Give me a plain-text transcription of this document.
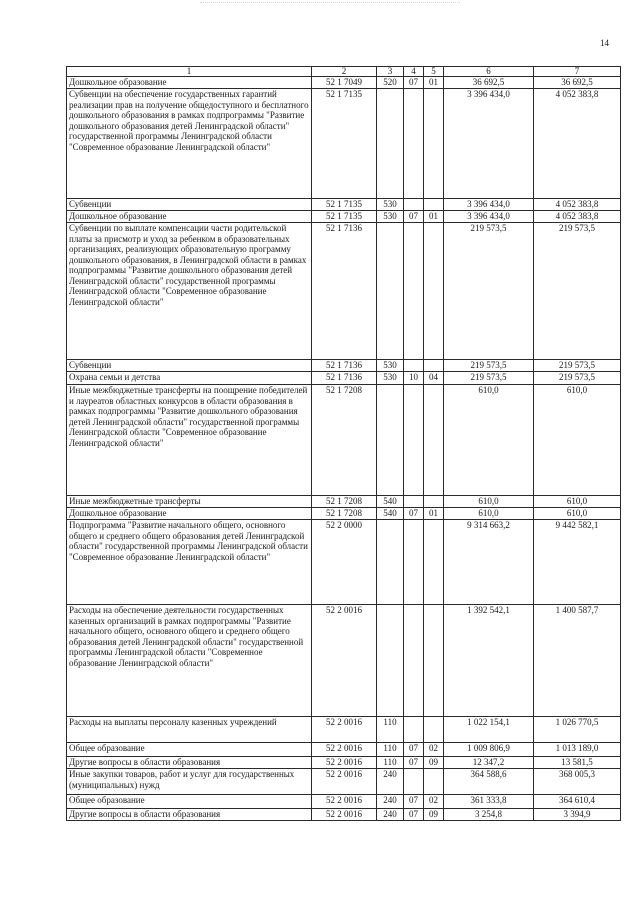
14
1	2	3	4	5	6	7
Дошкольное образование	52 1 7049	520	07	01	36 692,5	36 692,5
Субвенции на обеспечение государственных гарантий реализации прав на получение общедоступного и бесплатного дошкольного образования в рамках подпрограммы "Развитие дошкольного образования детей Ленинградской области" государственной программы Ленинградской области "Современное образование Ленинградской области"	52 1 7135				3 396 434,0	4 052 383,8
Субвенции	52 1 7135	530			3 396 434,0	4 052 383,8
Дошкольное образование	52 1 7135	530	07	01	3 396 434,0	4 052 383,8
Субвенции по выплате компенсации части родительской платы за присмотр и уход за ребенком в образовательных организациях, реализующих образовательную программу дошкольного образования, в Ленинградской области в рамках подпрограммы "Развитие дошкольного образования детей Ленинградской области" государственной программы Ленинградской области "Современное образование Ленинградской области"	52 1 7136				219 573,5	219 573,5
Субвенции	52 1 7136	530			219 573,5	219 573,5
Охрана семьи и детства	52 1 7136	530	10	04	219 573,5	219 573,5
Иные межбюджетные трансферты на поощрение победителей и лауреатов областных конкурсов в области образования в рамках подпрограммы "Развитие дошкольного образования детей Ленинградской области" государственной программы Ленинградской области "Современное образование Ленинградской области"	52 1 7208				610,0	610,0
Иные межбюджетные трансферты	52 1 7208	540			610,0	610,0
Дошкольное образование	52 1 7208	540	07	01	610,0	610,0
Подпрограмма "Развитие начального общего, основного общего и среднего общего образования детей Ленинградской области" государственной программы Ленинградской области "Современное образование Ленинградской области"	52 2 0000				9 314 663,2	9 442 582,1
Расходы на обеспечение деятельности государственных казенных организаций в рамках подпрограммы "Развитие начального общего, основного общего и среднего общего образования детей Ленинградской области" государственной программы Ленинградской области "Современное образование Ленинградской области"	52 2 0016				1 392 542,1	1 400 587,7
Расходы на выплаты персоналу казенных учреждений	52 2 0016	110			1 022 154,1	1 026 770,5
Общее образование	52 2 0016	110	07	02	1 009 806,9	1 013 189,0
Другие вопросы в области образования	52 2 0016	110	07	09	12 347,2	13 581,5
Иные закупки товаров, работ и услуг для государственных (муниципальных) нужд	52 2 0016	240			364 588,6	368 005,3
Общее образование	52 2 0016	240	07	02	361 333,8	364 610,4
Другие вопросы в области образования	52 2 0016	240	07	09	3 254,8	3 394,9
